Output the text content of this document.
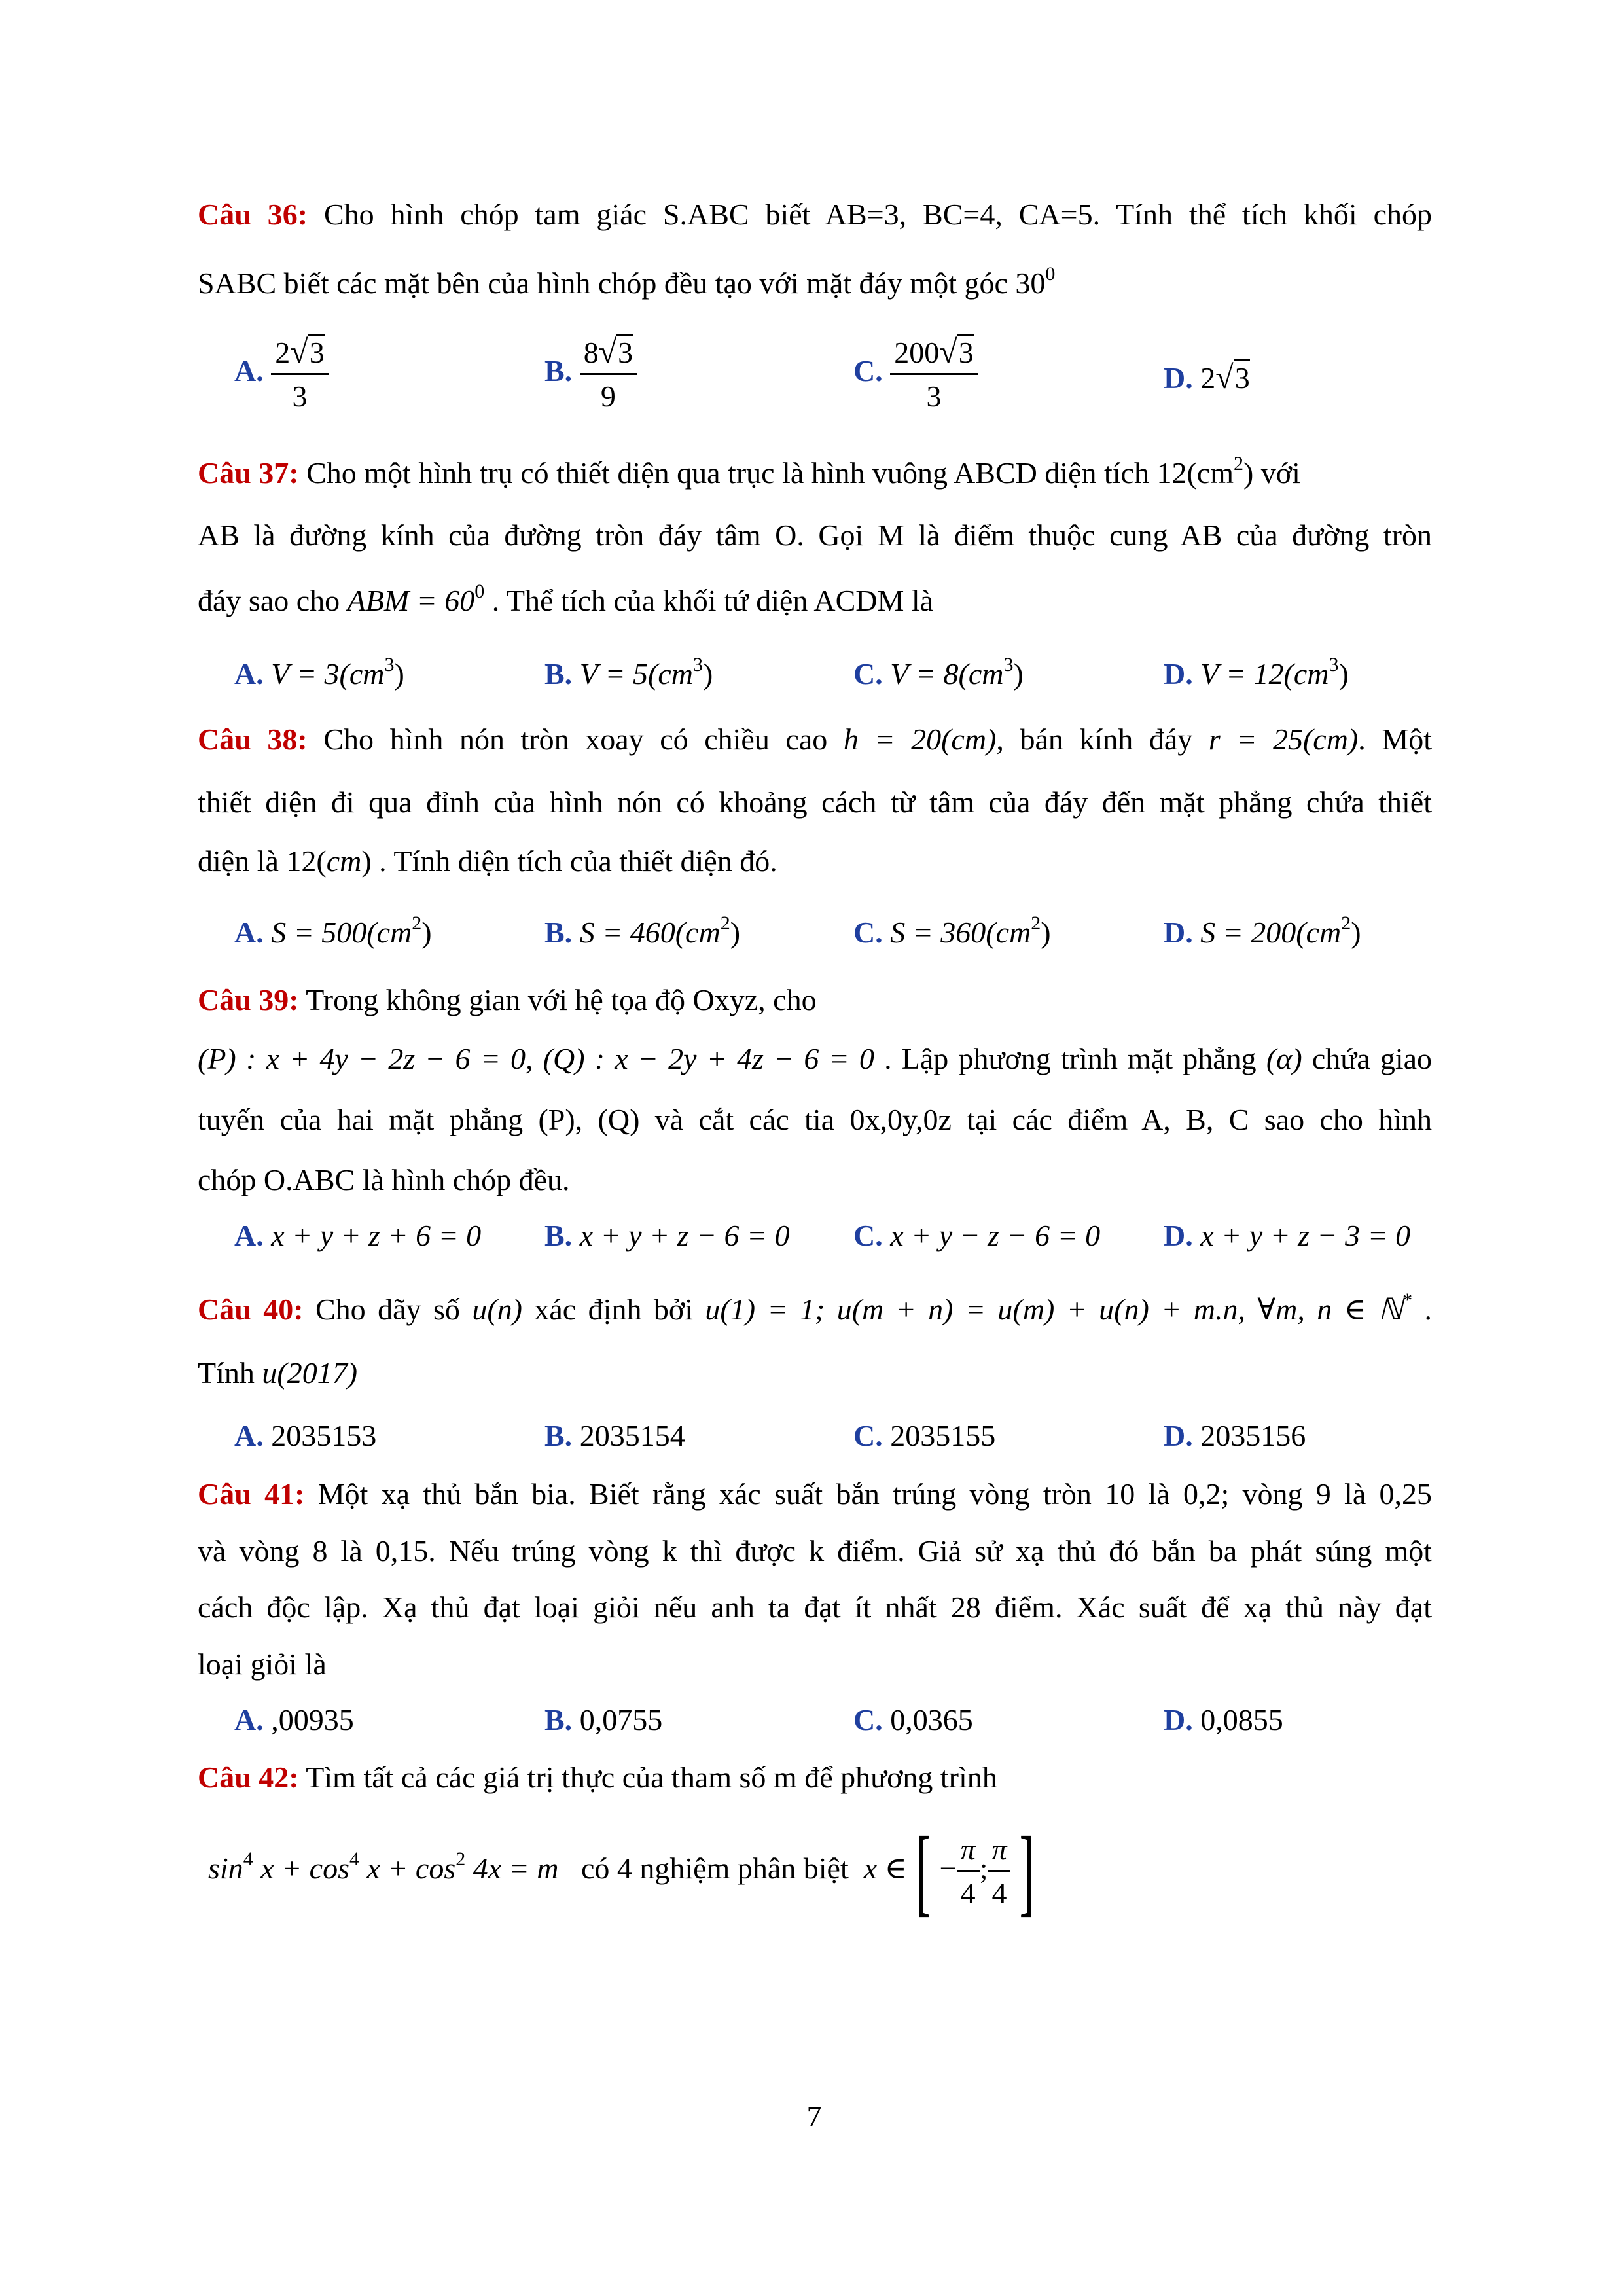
Câu 36: Cho hình chóp tam giác S.ABC biết AB=3, BC=4, CA=5. Tính thể tích khối chóp
SABC biết các mặt bên của hình chóp đều tạo với mặt đáy một góc $30^0$
A. $\frac{2√3}{3}$	B. $\frac{8√3}{9}$	C. $\frac{200√3}{3}$	D. 2√3
Câu 37: Cho một hình trụ có thiết diện qua trục là hình vuông ABCD diện tích $12(cm^2)$ với
AB là đường kính của đường tròn đáy tâm O. Gọi M là điểm thuộc cung AB của đường tròn
đáy sao cho ABM = $60^0$ . Thể tích của khối tứ diện ACDM là
A. $V = 3(cm^3)$	B. $V = 5(cm^3)$	C. $V = 8(cm^3)$	D. $V = 12(cm^3)$
Câu 38: Cho hình nón tròn xoay có chiều cao h = 20(cm), bán kính đáy r = 25(cm). Một
thiết diện đi qua đỉnh của hình nón có khoảng cách từ tâm của đáy đến mặt phẳng chứa thiết
diện là 12(cm) . Tính diện tích của thiết diện đó.
A. $S = 500(cm^2)$	B. $S = 460(cm^2)$	C. $S = 360(cm^2)$	D. $S = 200(cm^2)$
Câu 39: Trong không gian với hệ tọa độ Oxyz, cho
(P) : x + 4y − 2z − 6 = 0, (Q) : x − 2y + 4z − 6 = 0 . Lập phương trình mặt phẳng (α) chứa giao
tuyến của hai mặt phẳng (P), (Q) và cắt các tia 0x,0y,0z tại các điểm A, B, C sao cho hình
chóp O.ABC là hình chóp đều.
A. x + y + z + 6 = 0 B. x + y + z − 6 = 0 C. x + y − z − 6 = 0 D. x + y + z − 3 = 0
Câu 40: Cho dãy số u(n) xác định bởi u(1) = 1; u(m + n) = u(m) + u(n) + m.n, ∀m, n ∈ ℕ* .
Tính u(2017)
A. 2035153	B. 2035154	C. 2035155	D. 2035156
Câu 41: Một xạ thủ bắn bia. Biết rằng xác suất bắn trúng vòng tròn 10 là 0,2; vòng 9 là 0,25
và vòng 8 là 0,15. Nếu trúng vòng k thì được k điểm. Giả sử xạ thủ đó bắn ba phát súng một
cách độc lập. Xạ thủ đạt loại giỏi nếu anh ta đạt ít nhất 28 điểm. Xác suất để xạ thủ này đạt
loại giỏi là
A. ,00935	B. 0,0755	C. 0,0365	D. 0,0855
Câu 42: Tìm tất cả các giá trị thực của tham số m để phương trình
$\sin^4 x + \cos^4 x + \cos^2 4x = m$ có 4 nghiệm phân biệt x ∈[ − $\frac{\pi}{4}$ ; $\frac{\pi}{4}$ ]
7
